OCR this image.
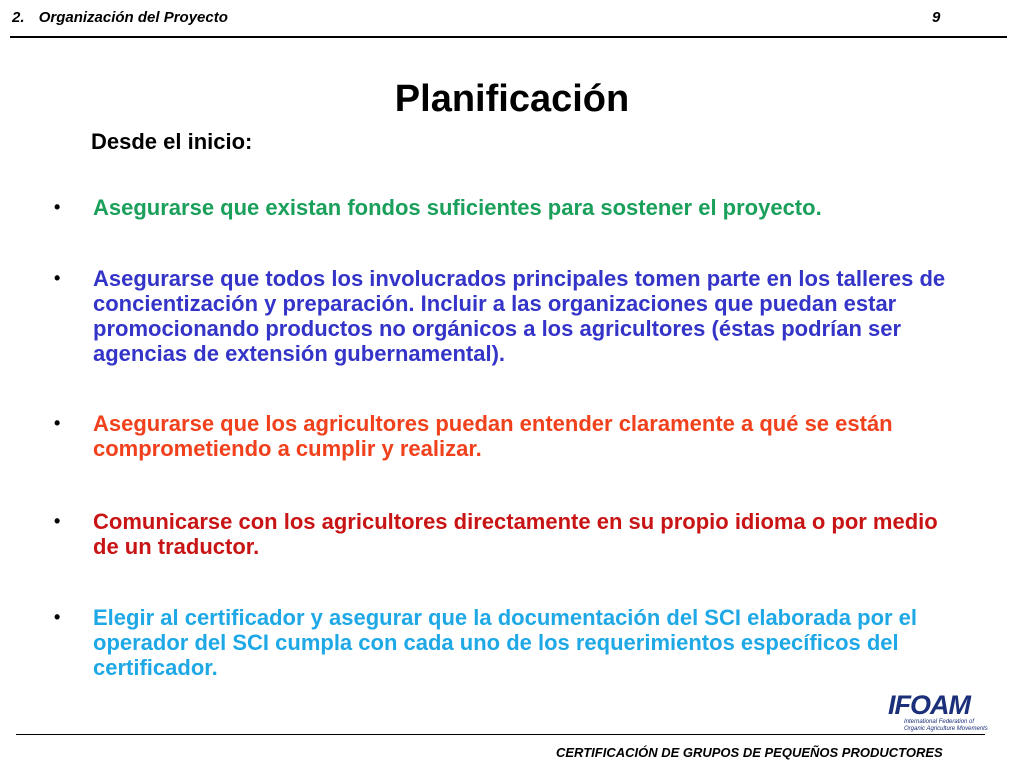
2. Organización del Proyecto	9
Planificación
Desde el inicio:
• Asegurarse que existan fondos suficientes para sostener el proyecto.
• Asegurarse que todos los involucrados principales tomen parte en los talleres de concientización y preparación. Incluir a las organizaciones que puedan estar promocionando productos no orgánicos a los agricultores (éstas podrían ser agencias de extensión gubernamental).
• Asegurarse que los agricultores puedan entender claramente a qué se están comprometiendo a cumplir y realizar.
• Comunicarse con los agricultores directamente en su propio idioma o por medio de un traductor.
• Elegir al certificador y asegurar que la documentación del SCI elaborada por el operador del SCI cumpla con cada uno de los requerimientos específicos del certificador.
IFOAM
International Federation of
Organic Agriculture Movements
CERTIFICACIÓN DE GRUPOS DE PEQUEÑOS PRODUCTORES
